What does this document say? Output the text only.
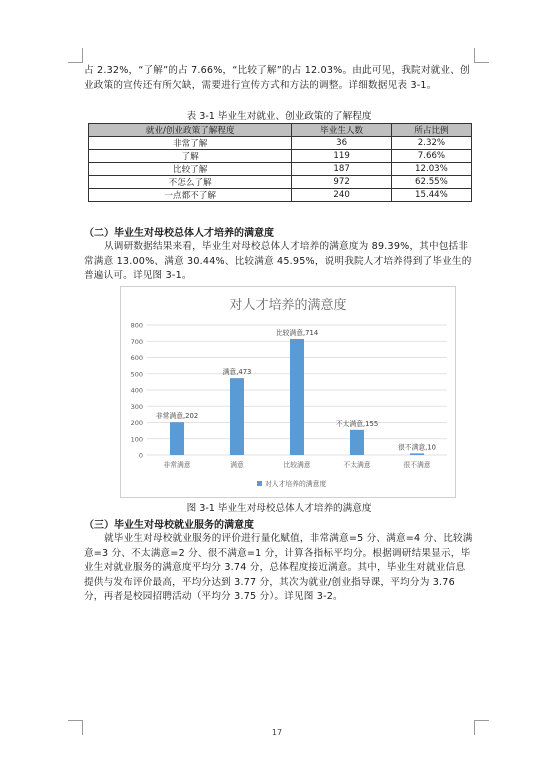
占 2.32%，“了解”的占 7.66%，“比较了解”的占 12.03%。由此可见，我院对就业、创业政策的宣传还有所欠缺，需要进行宣传方式和方法的调整。详细数据见表 3-1。
表 3-1 毕业生对就业、创业政策的了解程度
就业/创业政策了解程度	毕业生人数	所占比例
非常了解	36	2.32%
了解	119	7.66%
比较了解	187	12.03%
不怎么了解	972	62.55%
一点都不了解	240	15.44%
（二）毕业生对母校总体人才培养的满意度
从调研数据结果来看，毕业生对母校总体人才培养的满意度为 89.39%，其中包括非常满意 13.00%、满意 30.44%、比较满意 45.95%，说明我院人才培养得到了毕业生的普遍认可。详见图 3-1。
对人才培养的满意度
0
100
200
300
400
500
600
700
800
非常满意,202
非常满意
满意,473
满意
比较满意,714
比较满意
不太满意,155
不太满意
很不满意,10
很不满意
对人才培养的满意度
图 3-1 毕业生对母校总体人才培养的满意度
（三）毕业生对母校就业服务的满意度
就毕业生对母校就业服务的评价进行量化赋值，非常满意=5 分、满意=4 分、比较满意=3 分、不太满意=2 分、很不满意=1 分，计算各指标平均分。根据调研结果显示，毕业生对就业服务的满意度平均分 3.74 分，总体程度接近满意。其中，毕业生对就业信息提供与发布评价最高，平均分达到 3.77 分，其次为就业/创业指导课，平均分为 3.76 分，再者是校园招聘活动（平均分 3.75 分）。详见图 3-2。
17
